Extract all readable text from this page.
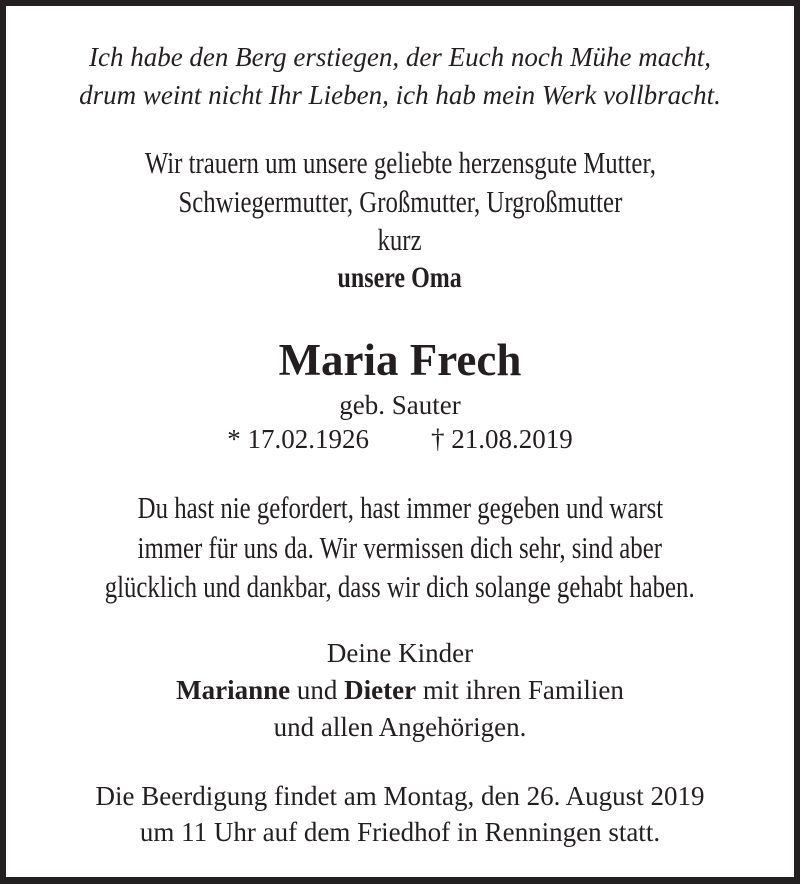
Ich habe den Berg erstiegen, der Euch noch Mühe macht,
drum weint nicht Ihr Lieben, ich hab mein Werk vollbracht.
Wir trauern um unsere geliebte herzensgute Mutter,
Schwiegermutter, Großmutter, Urgroßmutter
kurz
unsere Oma
Maria Frech
geb. Sauter
* 17.02.1926 † 21.08.2019
Du hast nie gefordert, hast immer gegeben und warst
immer für uns da. Wir vermissen dich sehr, sind aber
glücklich und dankbar, dass wir dich solange gehabt haben.
Deine Kinder
Marianne und Dieter mit ihren Familien
und allen Angehörigen.
Die Beerdigung findet am Montag, den 26. August 2019
um 11 Uhr auf dem Friedhof in Renningen statt.
